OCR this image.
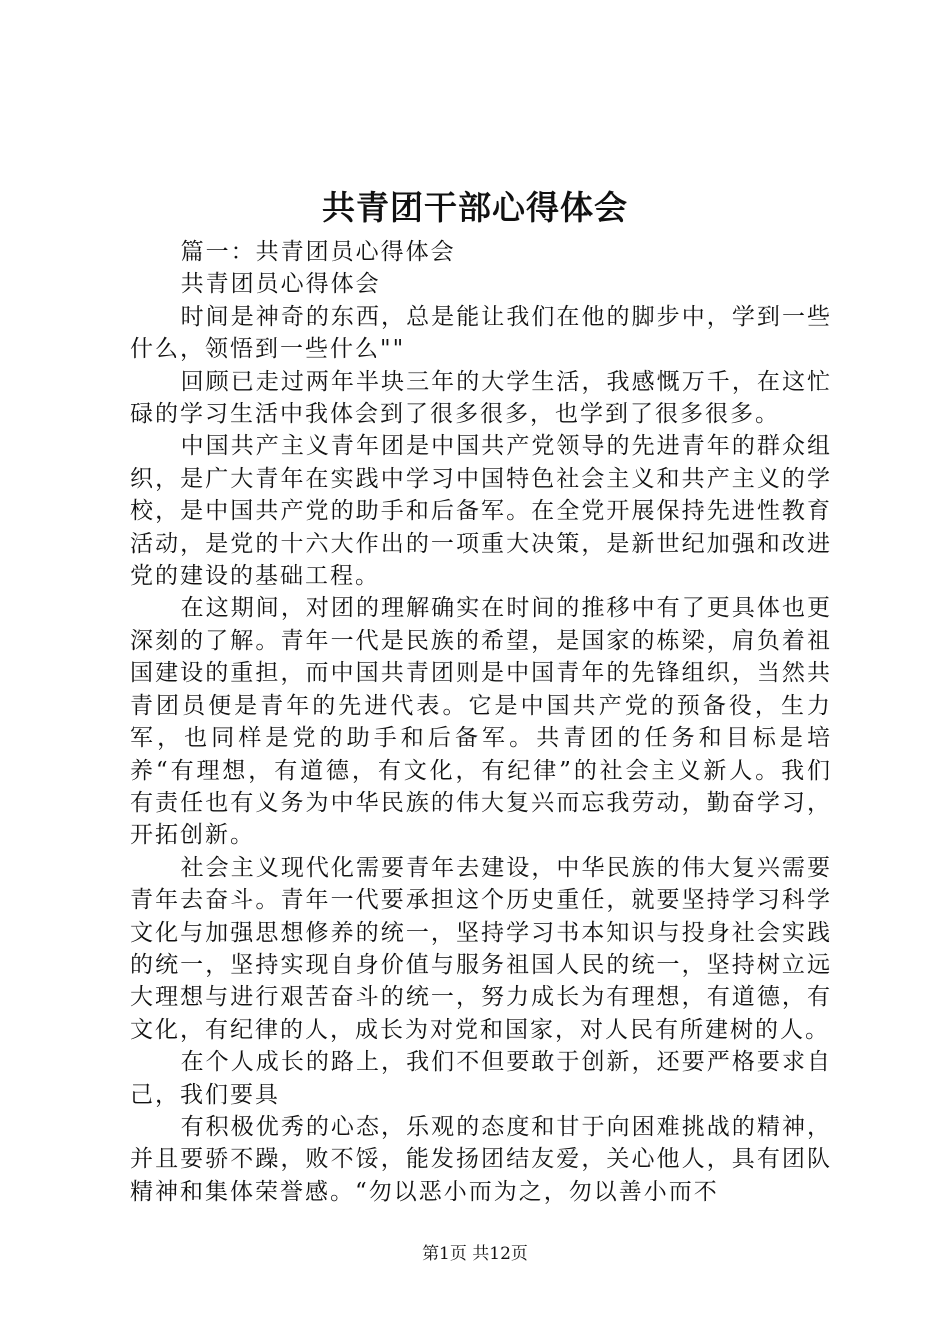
共青团干部心得体会

篇一：共青团员心得体会

共青团员心得体会

时间是神奇的东西，总是能让我们在他的脚步中，学到一些什么，领悟到一些什么""

回顾已走过两年半块三年的大学生活，我感慨万千，在这忙碌的学习生活中我体会到了很多很多，也学到了很多很多。

中国共产主义青年团是中国共产党领导的先进青年的群众组织，是广大青年在实践中学习中国特色社会主义和共产主义的学校，是中国共产党的助手和后备军。在全党开展保持先进性教育活动，是党的十六大作出的一项重大决策，是新世纪加强和改进党的建设的基础工程。

在这期间，对团的理解确实在时间的推移中有了更具体也更深刻的了解。青年一代是民族的希望，是国家的栋梁，肩负着祖国建设的重担，而中国共青团则是中国青年的先锋组织，当然共青团员便是青年的先进代表。它是中国共产党的预备役，生力军，也同样是党的助手和后备军。共青团的任务和目标是培养“有理想，有道德，有文化，有纪律”的社会主义新人。我们有责任也有义务为中华民族的伟大复兴而忘我劳动，勤奋学习，开拓创新。

社会主义现代化需要青年去建设，中华民族的伟大复兴需要青年去奋斗。青年一代要承担这个历史重任，就要坚持学习科学文化与加强思想修养的统一，坚持学习书本知识与投身社会实践的统一，坚持实现自身价值与服务祖国人民的统一，坚持树立远大理想与进行艰苦奋斗的统一，努力成长为有理想，有道德，有文化，有纪律的人，成长为对党和国家，对人民有所建树的人。

在个人成长的路上，我们不但要敢于创新，还要严格要求自己，我们要具

有积极优秀的心态，乐观的态度和甘于向困难挑战的精神，并且要骄不躁，败不馁，能发扬团结友爱，关心他人，具有团队精神和集体荣誉感。“勿以恶小而为之，勿以善小而不

第1页 共12页
